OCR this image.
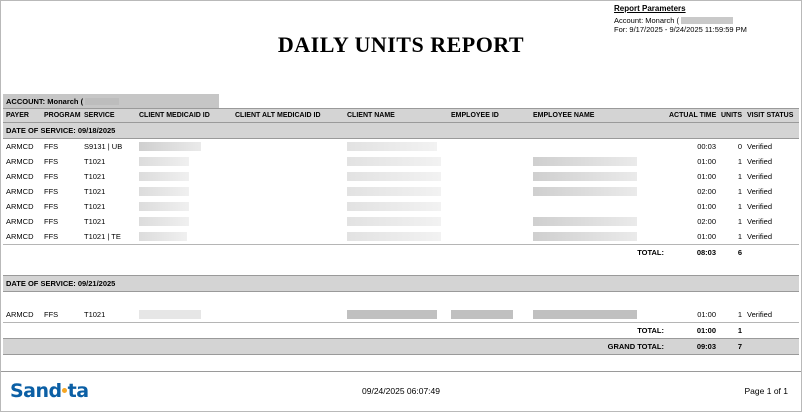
Report Parameters
Account: Monarch (
For: 9/17/2025 - 9/24/2025 11:59:59 PM
DAILY UNITS REPORT
ACCOUNT: Monarch (
PAYER	PROGRAM	SERVICE	CLIENT MEDICAID ID	CLIENT ALT MEDICAID ID	CLIENT NAME	EMPLOYEE ID	EMPLOYEE NAME	ACTUAL TIME	UNITS	VISIT STATUS
DATE OF SERVICE: 09/18/2025										
ARMCD	FFS	S9131 | UB						00:03	0	Verified
ARMCD	FFS	T1021						01:00	1	Verified
ARMCD	FFS	T1021						01:00	1	Verified
ARMCD	FFS	T1021						02:00	1	Verified
ARMCD	FFS	T1021						01:00	1	Verified
ARMCD	FFS	T1021						02:00	1	Verified
ARMCD	FFS	T1021 | TE						01:00	1	Verified
TOTAL:								08:03	6	

DATE OF SERVICE: 09/21/2025										

ARMCD	FFS	T1021						01:00	1	Verified
TOTAL:								01:00	1	
GRAND TOTAL:								09:03	7	
Sand ta	09/24/2025 06:07:49	Page 1 of 1
